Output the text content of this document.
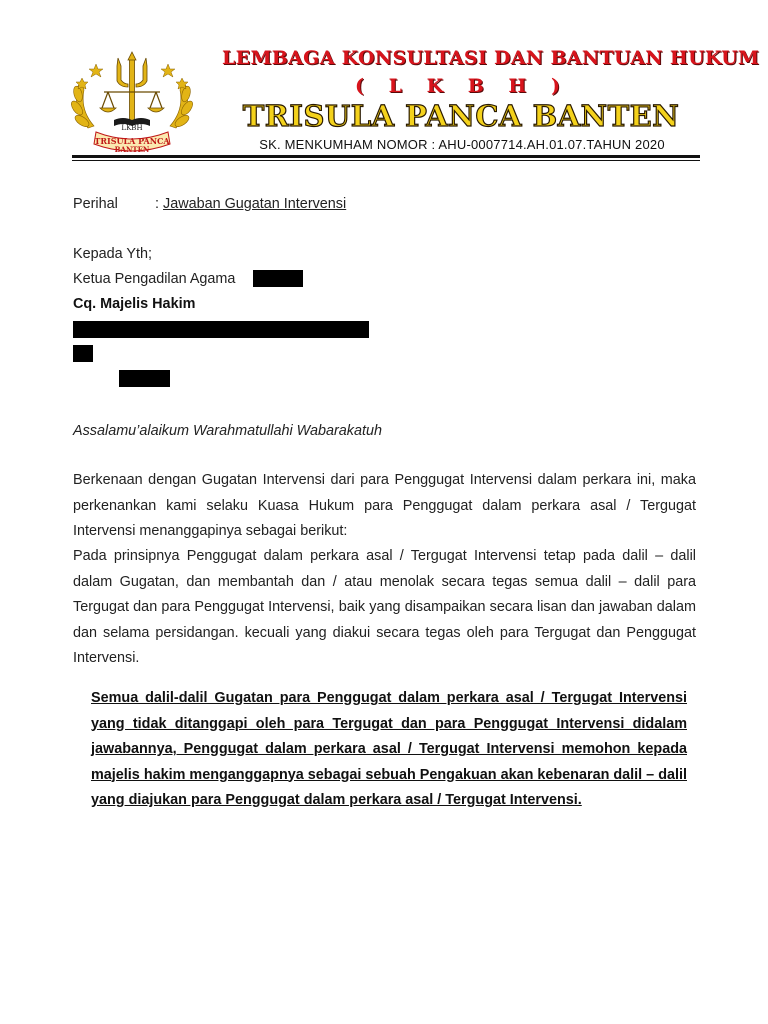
LKBH
TRISULA PANCA
BANTEN
LEMBAGA KONSULTASI DAN BANTUAN HUKUM
( L K B H )
TRISULA PANCA BANTEN
SK. MENKUMHAM NOMOR : AHU-0007714.AH.01.07.TAHUN 2020
Perihal	: Jawaban Gugatan Intervensi
Kepada Yth;
Ketua Pengadilan Agama
Cq. Majelis Hakim
Assalamu’alaikum Warahmatullahi Wabarakatuh
Berkenaan dengan Gugatan Intervensi dari para Penggugat Intervensi dalam perkara ini, maka perkenankan kami selaku Kuasa Hukum para Penggugat dalam perkara asal / Tergugat Intervensi menanggapinya sebagai berikut:
Pada prinsipnya Penggugat dalam perkara asal / Tergugat Intervensi tetap pada dalil – dalil dalam Gugatan, dan membantah dan / atau menolak secara tegas semua dalil – dalil para Tergugat dan para Penggugat Intervensi, baik yang disampaikan secara lisan dan jawaban dalam dan selama persidangan. kecuali yang diakui secara tegas oleh para Tergugat dan Penggugat Intervensi.
Semua dalil-dalil Gugatan para Penggugat dalam perkara asal / Tergugat Intervensi yang tidak ditanggapi oleh para Tergugat dan para Penggugat Intervensi didalam jawabannya, Penggugat dalam perkara asal / Tergugat Intervensi memohon kepada majelis hakim menganggapnya sebagai sebuah Pengakuan akan kebenaran dalil – dalil yang diajukan para Penggugat dalam perkara asal / Tergugat Intervensi.
